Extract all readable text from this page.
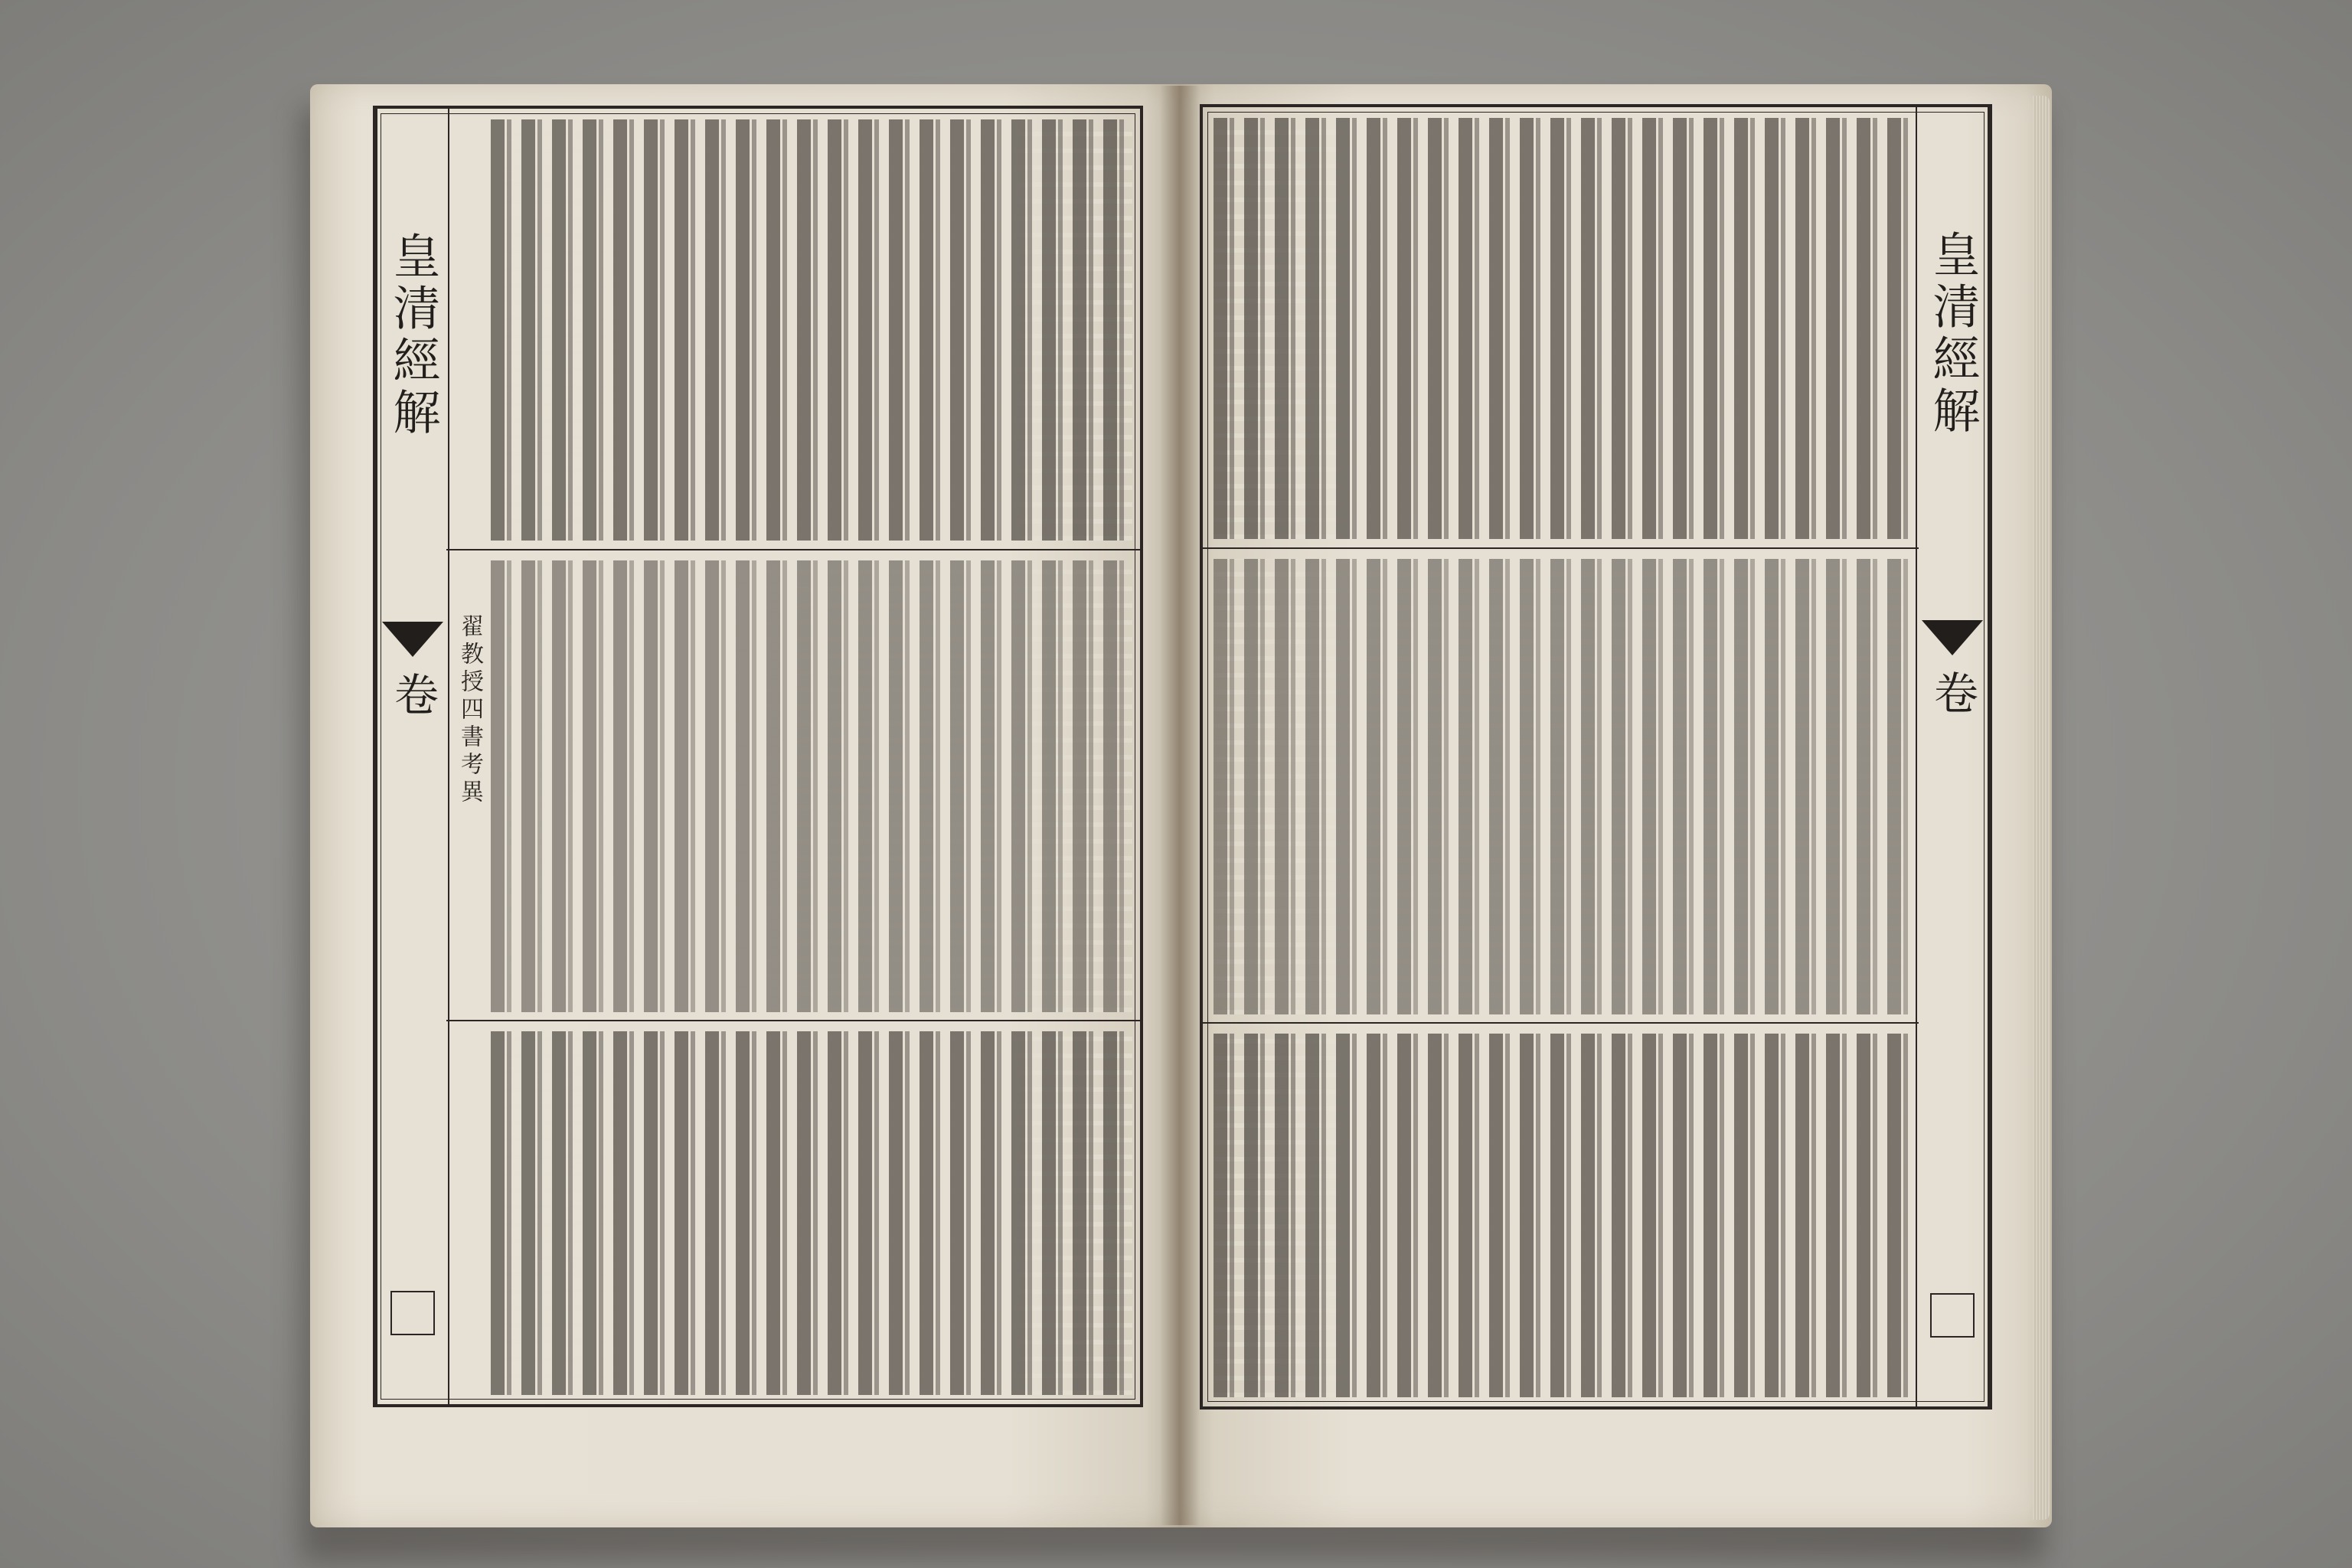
皇清經解
卷 翟教授四書考異
皇清經解
卷
